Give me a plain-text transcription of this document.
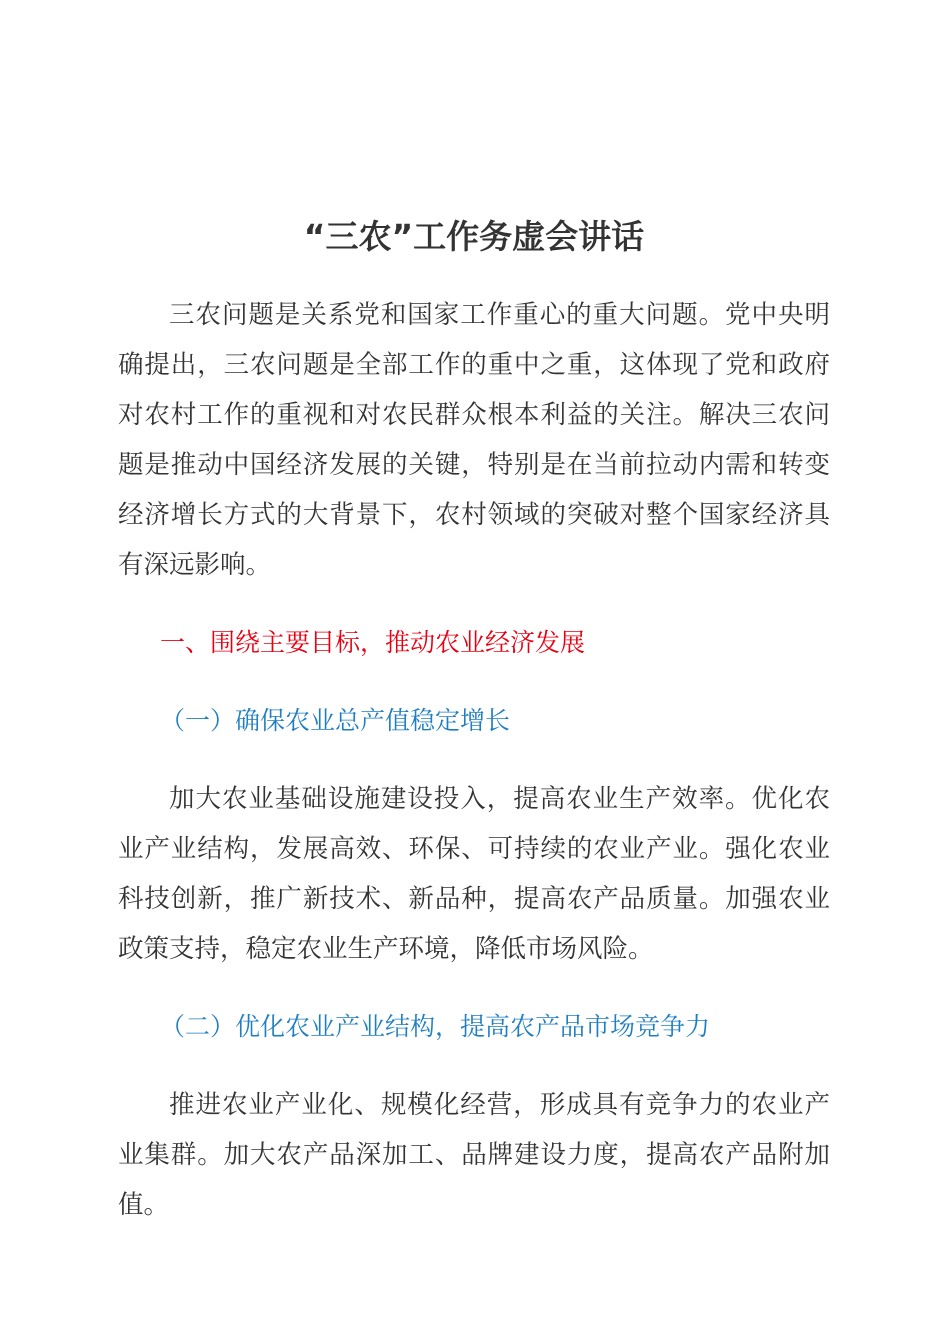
“三农”工作务虚会讲话

三农问题是关系党和国家工作重心的重大问题。党中央明确提出，三农问题是全部工作的重中之重，这体现了党和政府对农村工作的重视和对农民群众根本利益的关注。解决三农问题是推动中国经济发展的关键，特别是在当前拉动内需和转变经济增长方式的大背景下，农村领域的突破对整个国家经济具有深远影响。

一、围绕主要目标，推动农业经济发展

（一）确保农业总产值稳定增长

加大农业基础设施建设投入，提高农业生产效率。优化农业产业结构，发展高效、环保、可持续的农业产业。强化农业科技创新，推广新技术、新品种，提高农产品质量。加强农业政策支持，稳定农业生产环境，降低市场风险。

（二）优化农业产业结构，提高农产品市场竞争力

推进农业产业化、规模化经营，形成具有竞争力的农业产业集群。加大农产品深加工、品牌建设力度，提高农产品附加值。
